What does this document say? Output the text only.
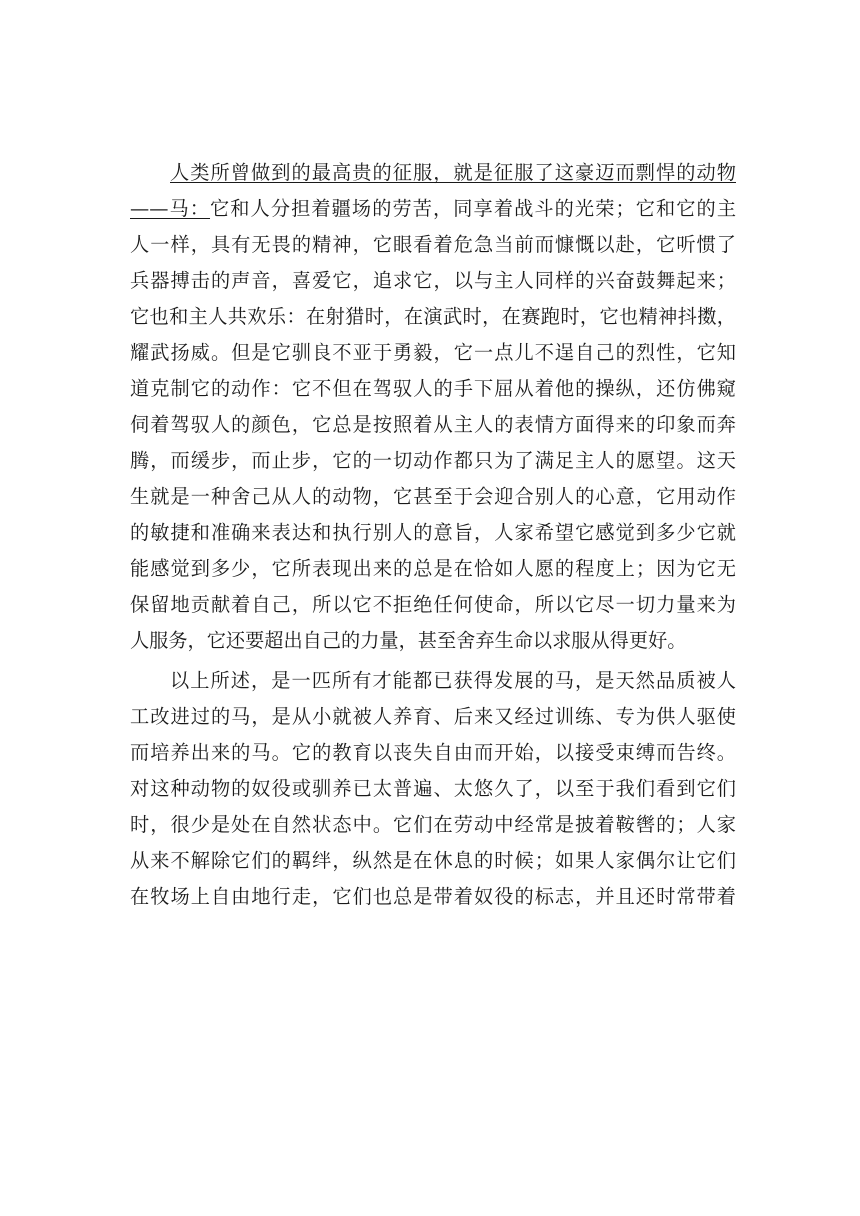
人类所曾做到的最高贵的征服，就是征服了这豪迈而剽悍的动物
——马：它和人分担着疆场的劳苦，同享着战斗的光荣；它和它的主
人一样，具有无畏的精神，它眼看着危急当前而慷慨以赴，它听惯了
兵器搏击的声音，喜爱它，追求它，以与主人同样的兴奋鼓舞起来；
它也和主人共欢乐：在射猎时，在演武时，在赛跑时，它也精神抖擞，
耀武扬威。但是它驯良不亚于勇毅，它一点儿不逞自己的烈性，它知
道克制它的动作：它不但在驾驭人的手下屈从着他的操纵，还仿佛窥
伺着驾驭人的颜色，它总是按照着从主人的表情方面得来的印象而奔
腾，而缓步，而止步，它的一切动作都只为了满足主人的愿望。这天
生就是一种舍己从人的动物，它甚至于会迎合别人的心意，它用动作
的敏捷和准确来表达和执行别人的意旨，人家希望它感觉到多少它就
能感觉到多少，它所表现出来的总是在恰如人愿的程度上；因为它无
保留地贡献着自己，所以它不拒绝任何使命，所以它尽一切力量来为
人服务，它还要超出自己的力量，甚至舍弃生命以求服从得更好。
以上所述，是一匹所有才能都已获得发展的马，是天然品质被人
工改进过的马，是从小就被人养育、后来又经过训练、专为供人驱使
而培养出来的马。它的教育以丧失自由而开始，以接受束缚而告终。
对这种动物的奴役或驯养已太普遍、太悠久了，以至于我们看到它们
时，很少是处在自然状态中。它们在劳动中经常是披着鞍辔的；人家
从来不解除它们的羁绊，纵然是在休息的时候；如果人家偶尔让它们
在牧场上自由地行走，它们也总是带着奴役的标志，并且还时常带着
